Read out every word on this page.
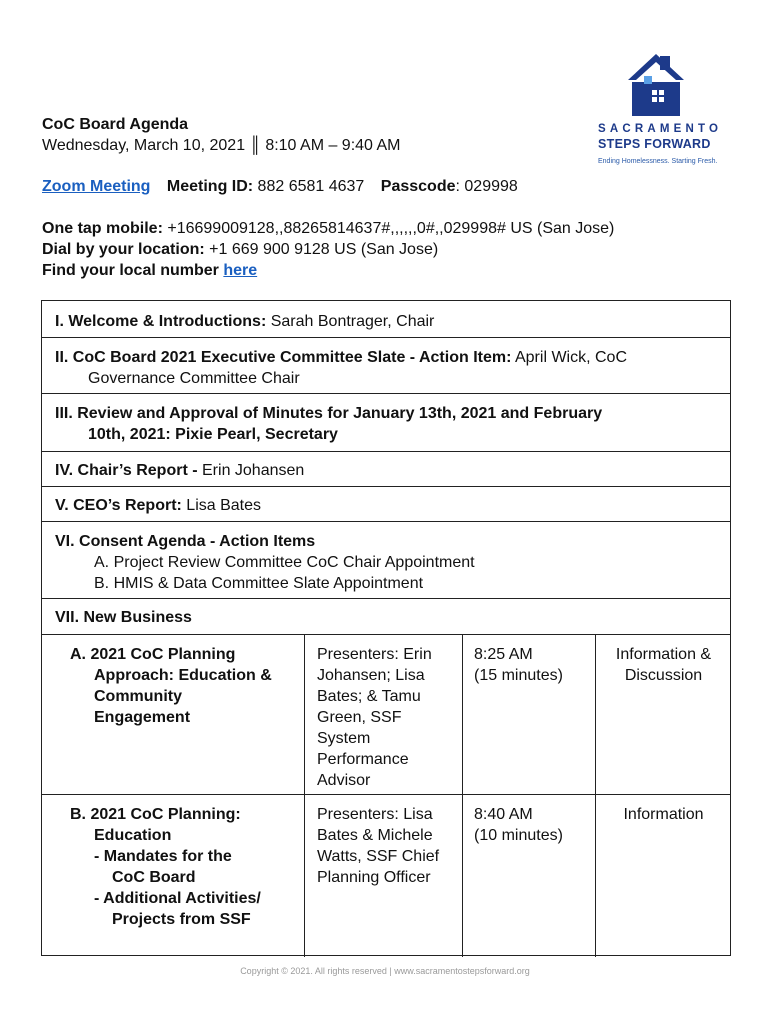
SACRAMENTO
STEPS FORWARD
Ending Homelessness. Starting Fresh.
CoC Board Agenda
Wednesday, March 10, 2021 ║ 8:10 AM – 9:40 AM
Zoom Meeting Meeting ID: 882 6581 4637 Passcode: 029998
One tap mobile: +16699009128,,88265814637#,,,,,,0#,,029998# US (San Jose)
Dial by your location: +1 669 900 9128 US (San Jose)
Find your local number here
I. Welcome & Introductions: Sarah Bontrager, Chair
II. CoC Board 2021 Executive Committee Slate - Action Item: April Wick, CoC
Governance Committee Chair
III. Review and Approval of Minutes for January 13th, 2021 and February
10th, 2021: Pixie Pearl, Secretary
IV. Chair’s Report - Erin Johansen
V. CEO’s Report: Lisa Bates
VI. Consent Agenda - Action Items
A. Project Review Committee CoC Chair Appointment
B. HMIS & Data Committee Slate Appointment
VII. New Business
A. 2021 CoC Planning
Approach: Education &
Community
Engagement
Presenters: Erin
Johansen; Lisa
Bates; & Tamu
Green, SSF
System
Performance
Advisor
8:25 AM
(15 minutes)
Information &
Discussion
B. 2021 CoC Planning:
Education
- Mandates for the
CoC Board
- Additional Activities/
Projects from SSF
Presenters: Lisa
Bates & Michele
Watts, SSF Chief
Planning Officer
8:40 AM
(10 minutes)
Information
Copyright © 2021. All rights reserved | www.sacramentostepsforward.org
